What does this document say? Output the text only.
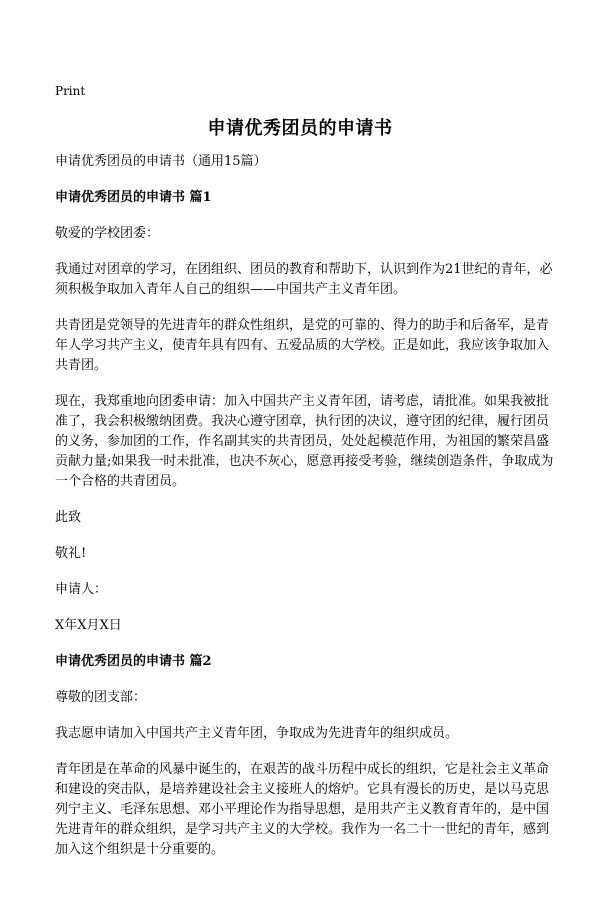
Print
申请优秀团员的申请书

申请优秀团员的申请书（通用15篇）

申请优秀团员的申请书 篇1

敬爱的学校团委：

我通过对团章的学习，在团组织、团员的教育和帮助下，认识到作为21世纪的青年，必须积极争取加入青年人自己的组织——中国共产主义青年团。

共青团是党领导的先进青年的群众性组织，是党的可靠的、得力的助手和后备军，是青年人学习共产主义，使青年具有四有、五爱品质的大学校。正是如此，我应该争取加入共青团。

现在，我郑重地向团委申请：加入中国共产主义青年团，请考虑，请批准。如果我被批准了，我会积极缴纳团费。我决心遵守团章，执行团的决议，遵守团的纪律，履行团员的义务，参加团的工作，作名副其实的共青团员，处处起模范作用，为祖国的繁荣昌盛贡献力量;如果我一时未批准，也决不灰心，愿意再接受考验，继续创造条件，争取成为一个合格的共青团员。

此致

敬礼!

申请人：

X年X月X日

申请优秀团员的申请书 篇2

尊敬的团支部：

我志愿申请加入中国共产主义青年团，争取成为先进青年的组织成员。

青年团是在革命的风暴中诞生的，在艰苦的战斗历程中成长的组织，它是社会主义革命和建设的突击队，是培养建设社会主义接班人的熔炉。它具有漫长的历史，是以马克思列宁主义、毛泽东思想、邓小平理论作为指导思想，是用共产主义教育青年的，是中国先进青年的群众组织，是学习共产主义的大学校。我作为一名二十一世纪的青年，感到加入这个组织是十分重要的。
